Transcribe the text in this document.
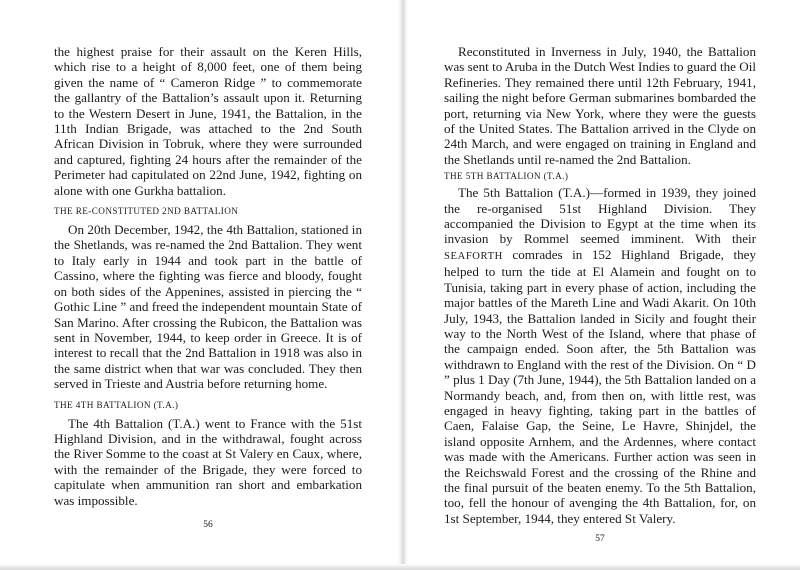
the highest praise for their assault on the Keren Hills, which rise to a height of 8,000 feet, one of them being given the name of “ Cameron Ridge ” to commemorate the gallantry of the Battalion’s assault upon it. Returning to the Western Desert in June, 1941, the Battalion, in the 11th Indian Brigade, was attached to the 2nd South African Division in Tobruk, where they were surrounded and captured, fighting 24 hours after the remainder of the Perimeter had capitulated on 22nd June, 1942, fighting on alone with one Gurkha battalion.

THE RE-CONSTITUTED 2ND BATTALION

On 20th December, 1942, the 4th Battalion, stationed in the Shetlands, was re-named the 2nd Battalion. They went to Italy early in 1944 and took part in the battle of Cassino, where the fighting was fierce and bloody, fought on both sides of the Appenines, assisted in piercing the “ Gothic Line ” and freed the independent mountain State of San Marino. After crossing the Rubicon, the Battalion was sent in November, 1944, to keep order in Greece. It is of interest to recall that the 2nd Battalion in 1918 was also in the same district when that war was concluded. They then served in Trieste and Austria before returning home.

THE 4TH BATTALION (T.A.)

The 4th Battalion (T.A.) went to France with the 51st Highland Division, and in the withdrawal, fought across the River Somme to the coast at St Valery en Caux, where, with the remainder of the Brigade, they were forced to capitulate when ammunition ran short and embarkation was impossible.

56

Reconstituted in Inverness in July, 1940, the Battalion was sent to Aruba in the Dutch West Indies to guard the Oil Refineries. They remained there until 12th February, 1941, sailing the night before German submarines bombarded the port, returning via New York, where they were the guests of the United States. The Battalion arrived in the Clyde on 24th March, and were engaged on training in England and the Shetlands until re-named the 2nd Battalion.

THE 5TH BATTALION (T.A.)

The 5th Battalion (T.A.)—formed in 1939, they joined the re-organised 51st Highland Division. They accompanied the Division to Egypt at the time when its invasion by Rommel seemed imminent. With their SEAFORTH comrades in 152 Highland Brigade, they helped to turn the tide at El Alamein and fought on to Tunisia, taking part in every phase of action, including the major battles of the Mareth Line and Wadi Akarit. On 10th July, 1943, the Battalion landed in Sicily and fought their way to the North West of the Island, where that phase of the campaign ended. Soon after, the 5th Battalion was withdrawn to England with the rest of the Division. On “ D ” plus 1 Day (7th June, 1944), the 5th Battalion landed on a Normandy beach, and, from then on, with little rest, was engaged in heavy fighting, taking part in the battles of Caen, Falaise Gap, the Seine, Le Havre, Shinjdel, the island opposite Arnhem, and the Ardennes, where contact was made with the Americans. Further action was seen in the Reichswald Forest and the crossing of the Rhine and the final pursuit of the beaten enemy. To the 5th Battalion, too, fell the honour of avenging the 4th Battalion, for, on 1st September, 1944, they entered St Valery.

57
